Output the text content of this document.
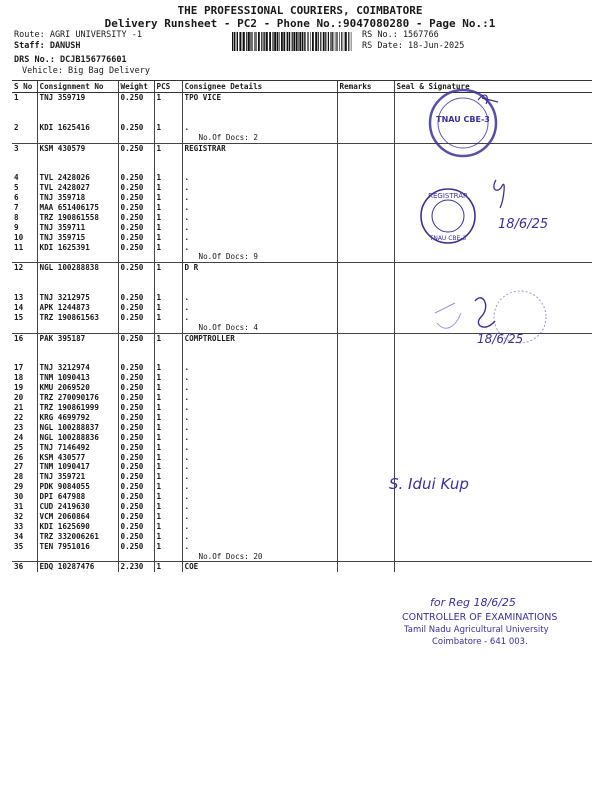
THE PROFESSIONAL COURIERS, COIMBATORE
Delivery Runsheet - PC2 - Phone No.:9047080280 - Page No.:1
Route: AGRI UNIVERSITY -1
Staff: DANUSH
DRS No.: DCJB156776601
Vehicle: Big Bag Delivery
RS No.: 1567766
RS Date: 18-Jun-2025
S No	Consignment No	Weight	PCS	Consignee Details	Remarks	Seal & Signature
1	TNJ 359719	0.250	1	TPO VICE		

2	KDI 1625416	0.250	1	.		
				No.Of Docs: 2		
3	KSM 430579	0.250	1	REGISTRAR		

4	TVL 2428026	0.250	1	.		
5	TVL 2428027	0.250	1	.		
6	TNJ 359718	0.250	1	.		
7	MAA 651406175	0.250	1	.		
8	TRZ 190861558	0.250	1	.		
9	TNJ 359711	0.250	1	.		
10	TNJ 359715	0.250	1	.		
11	KDI 1625391	0.250	1	.		
				No.Of Docs: 9		
12	NGL 100288838	0.250	1	D R		

13	TNJ 3212975	0.250	1	.		
14	APK 1244873	0.250	1	.		
15	TRZ 190861563	0.250	1	.		
				No.Of Docs: 4		
16	PAK 395187	0.250	1	COMPTROLLER		

17	TNJ 3212974	0.250	1	.		
18	TNM 1090413	0.250	1	.		
19	KMU 2069520	0.250	1	.		
20	TRZ 270090176	0.250	1	.		
21	TRZ 190861999	0.250	1	.		
22	KRG 4699792	0.250	1	.		
23	NGL 100288837	0.250	1	.		
24	NGL 100288836	0.250	1	.		
25	TNJ 7146492	0.250	1	.		
26	KSM 430577	0.250	1	.		
27	TNM 1090417	0.250	1	.		
28	TNJ 359721	0.250	1	.		
29	PDK 9084055	0.250	1	.		
30	DPI 647988	0.250	1	.		
31	CUD 2419630	0.250	1	.		
32	VCM 2060864	0.250	1	.		
33	KDI 1625690	0.250	1	.		
34	TRZ 332006261	0.250	1	.		
35	TEN 7951016	0.250	1	.		
				No.Of Docs: 20		
36	EDQ 10287476	2.230	1	COE		
TNAU CBE-3
REGISTRAR
TNAU CBE-3
18/6/25
18/6/25
S. Idui Kup
for Reg 18/6/25
CONTROLLER OF EXAMINATIONS
Tamil Nadu Agricultural University
Coimbatore - 641 003.
